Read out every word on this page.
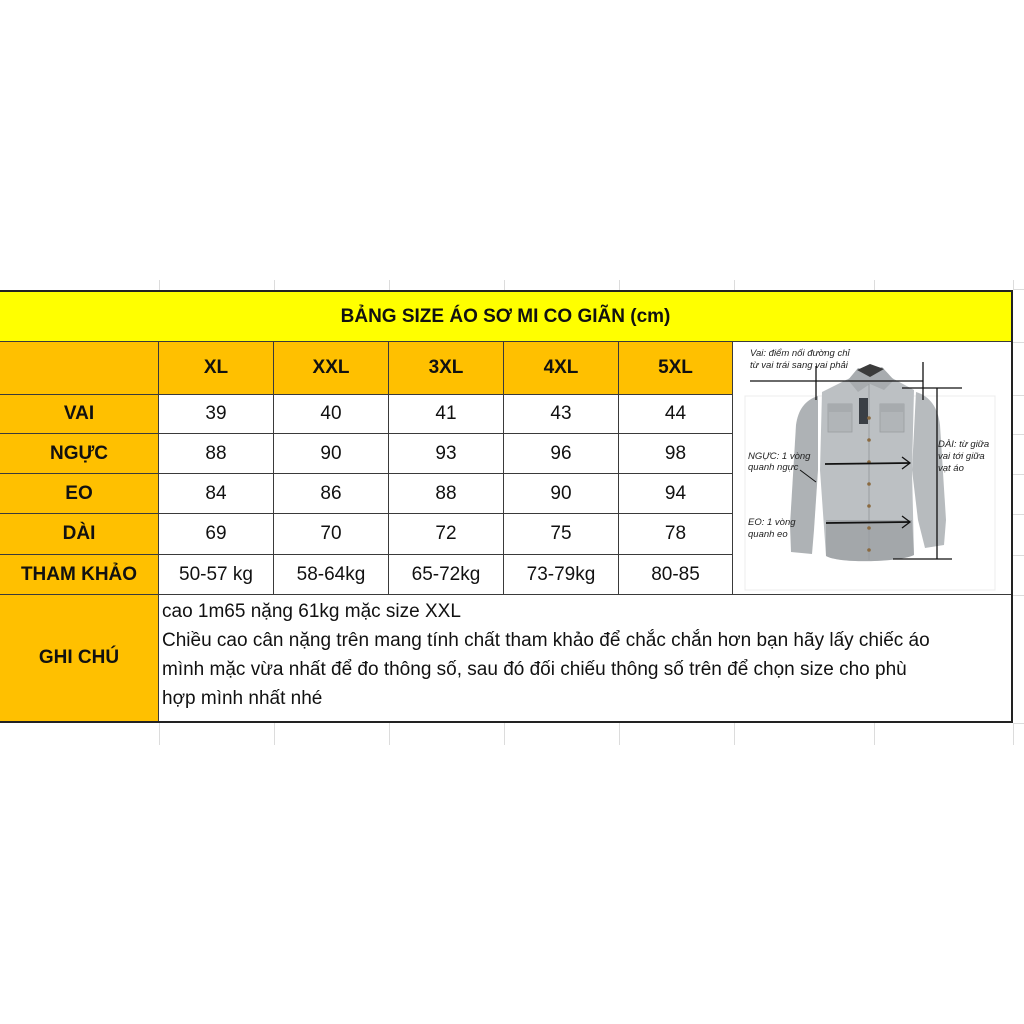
BẢNG SIZE ÁO SƠ MI CO GIÃN (cm)
XL	XXL	3XL	4XL	5XL
Vai: điểm nối đường chỉ
từ vai trái sang vai phải
NGỰC: 1 vòng
quanh ngực
DÀI: từ giữa
vai tới giữa
vạt áo
EO: 1 vòng
quanh eo
VAI	39	40	41	43	44
NGỰC	88	90	93	96	98
EO	84	86	88	90	94
DÀI	69	70	72	75	78
THAM KHẢO	50-57 kg	58-64kg	65-72kg	73-79kg	80-85
GHI CHÚ
cao 1m65 nặng 61kg mặc size XXL
Chiều cao cân nặng trên mang tính chất tham khảo để chắc chắn hơn bạn hãy lấy chiếc áo
mình mặc vừa nhất để đo thông số, sau đó đối chiếu thông số trên để chọn size cho phù
hợp mình nhất nhé
